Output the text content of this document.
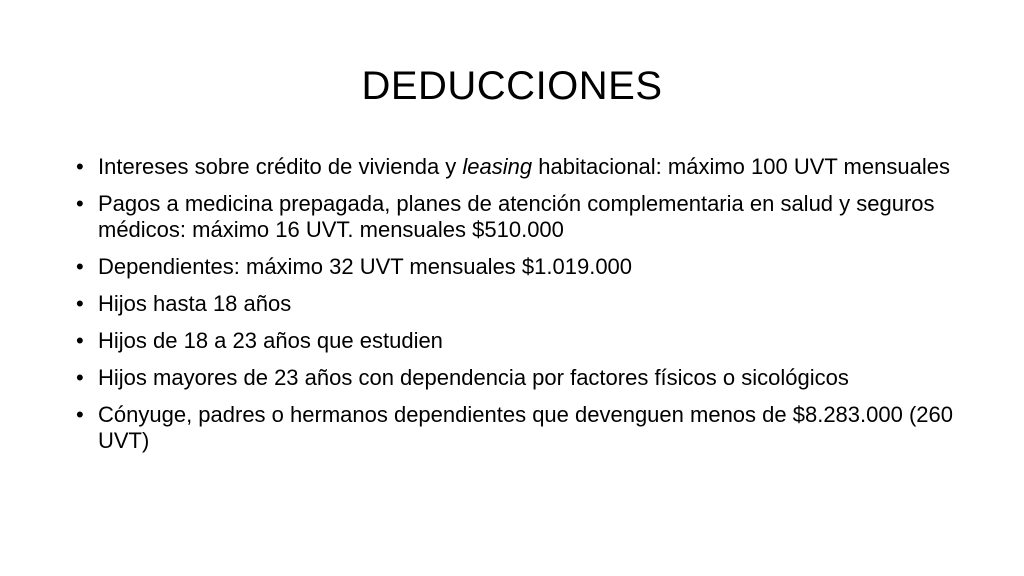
DEDUCCIONES
• Intereses sobre crédito de vivienda y leasing habitacional: máximo 100 UVT mensuales
• Pagos a medicina prepagada, planes de atención complementaria en salud y seguros médicos: máximo 16 UVT. mensuales $510.000
• Dependientes: máximo 32 UVT mensuales $1.019.000
• Hijos hasta 18 años
• Hijos de 18 a 23 años que estudien
• Hijos mayores de 23 años con dependencia por factores físicos o sicológicos
• Cónyuge, padres o hermanos dependientes que devenguen menos de $8.283.000 (260 UVT)
